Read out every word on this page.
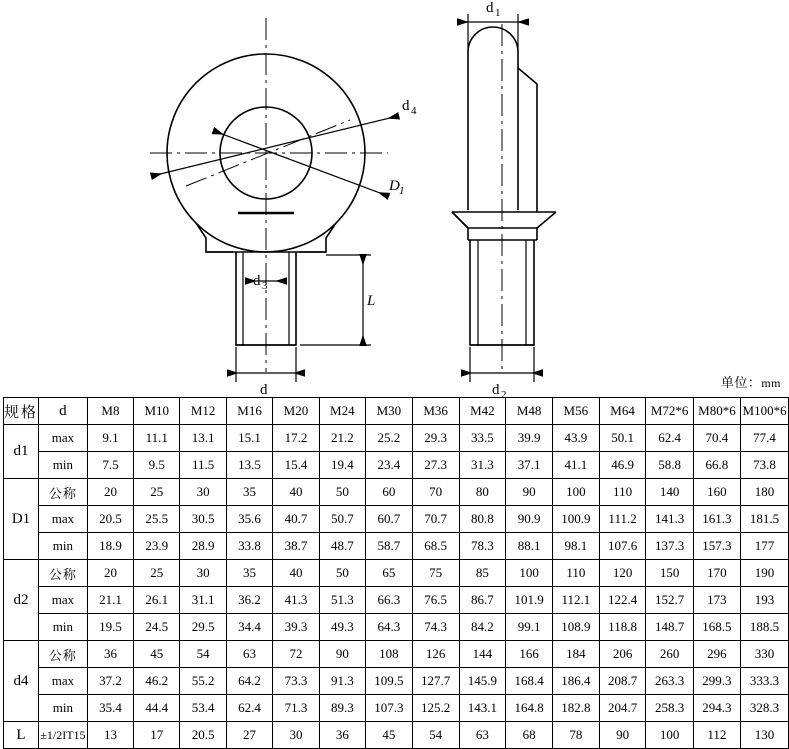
d 1
d 4
D 1
d 3
L
d	d 2
单位：mm
规格	d	M8	M10	M12	M16	M20	M24	M30	M36	M42	M48	M56	M64	M72*6	M80*6	M100*6
d1	max	9.1	11.1	13.1	15.1	17.2	21.2	25.2	29.3	33.5	39.9	43.9	50.1	62.4	70.4	77.4
	min	7.5	9.5	11.5	13.5	15.4	19.4	23.4	27.3	31.3	37.1	41.1	46.9	58.8	66.8	73.8
D1	公称	20	25	30	35	40	50	60	70	80	90	100	110	140	160	180
	max	20.5	25.5	30.5	35.6	40.7	50.7	60.7	70.7	80.8	90.9	100.9	111.2	141.3	161.3	181.5
	min	18.9	23.9	28.9	33.8	38.7	48.7	58.7	68.5	78.3	88.1	98.1	107.6	137.3	157.3	177
d2	公称	20	25	30	35	40	50	65	75	85	100	110	120	150	170	190
	max	21.1	26.1	31.1	36.2	41.3	51.3	66.3	76.5	86.7	101.9	112.1	122.4	152.7	173	193
	min	19.5	24.5	29.5	34.4	39.3	49.3	64.3	74.3	84.2	99.1	108.9	118.8	148.7	168.5	188.5
d4	公称	36	45	54	63	72	90	108	126	144	166	184	206	260	296	330
	max	37.2	46.2	55.2	64.2	73.3	91.3	109.5	127.7	145.9	168.4	186.4	208.7	263.3	299.3	333.3
	min	35.4	44.4	53.4	62.4	71.3	89.3	107.3	125.2	143.1	164.8	182.8	204.7	258.3	294.3	328.3
L	±1/2IT15	13	17	20.5	27	30	36	45	54	63	68	78	90	100	112	130
